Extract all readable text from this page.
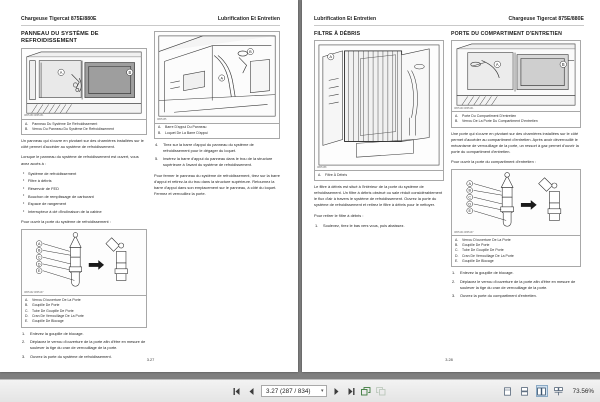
Chargeuse Tigercat 875E/880E	Lubrification Et Entretien
PANNEAU DU SYSTÈME DE REFROIDISSEMENT
A	B
0865150 0865151
A.	Panneau Du Système De Refroidissement
B.	Verrou Du Panneau Du Système De Refroidissement

Un panneau qui s'ouvre en pivotant sur des charnières installées sur le côté permet d'accéder au système de refroidissement.

Lorsque le panneau du système de refroidissement est ouvert, vous avez accès à :

• Système de refroidissement
• Filtre à débris
• Réservoir de FED
• Bouchon de remplissage de carburant
• Espace de rangement
• Interrupteur à clé d'inclinaison de la cabine

Pour ouvrir la porte du système de refroidissement :

A
B
C
D
E
0865162 0865167
A.	Verrou D'ouverture De La Porte
B.	Goupille De Porte
C.	Tube De Goupille De Porte
D.	Cran De Verrouillage De La Porte
E.	Goupille De Blocage
1.	Enlevez la goupille de blocage.
2.	Déplacez le verrou d'ouverture de la porte afin d'être en mesure de soulever la tige du cran de verrouillage de la porte.
3.	Ouvrez la porte du système de refroidissement.
A
B
0865155
A.	Barre D'appui Du Panneau
B.	Loquet De La Barre D'appui
4.	Tirez sur la barre d'appui du panneau du système de refroidissement pour le dégager du loquet.
5.	Insérez la barre d'appui du panneau dans le trou de la structure supérieure à l'avant du système de refroidissement.

Pour fermer le panneau du système de refroidissement, tirez sur la barre d'appui et retirez-la du trou dans la structure supérieure. Retournez la barre d'appui dans son emplacement sur le panneau, à côté du loquet. Fermez et verrouillez la porte.

3.27
Lubrification Et Entretien	Chargeuse Tigercat 875E/880E
FILTRE À DÉBRIS
A
0865158
A.	Filtre À Débris

Le filtre à débris est situé à l'intérieur de la porte du système de refroidissement. Un filtre à débris obstrué ou sale réduit considérablement le flux d'air à travers le système de refroidissement. Ouvrez la porte du système de refroidissement et retirez le filtre à débris pour le nettoyer.

Pour retirer le filtre à débris :

1.	Soulevez, tirez le bas vers vous, puis abaissez.
PORTE DU COMPARTIMENT D'ENTRETIEN
A	B
0865160 0865161
A.	Porte Du Compartiment D'entretien
B.	Verrou De La Porte Du Compartiment D'entretien

Une porte qui s'ouvre en pivotant sur des charnières installées sur le côté permet d'accéder au compartiment d'entretien. Après avoir déverrouillé le mécanisme de verrouillage de la porte, un ressort à gaz permet d'ouvrir la porte du compartiment d'entretien.

Pour ouvrir la porte du compartiment d'entretien :

A
B
C
D
E
0865164 0865167
A.	Verrou D'ouverture De La Porte
B.	Goupille De Porte
C.	Tube De Goupille De Porte
D.	Cran De Verrouillage De La Porte
E.	Goupille De Blocage
1.	Enlevez la goupille de blocage.
2.	Déplacez le verrou d'ouverture de la porte afin d'être en mesure de soulever la tige du cran de verrouillage de la porte.
3.	Ouvrez la porte du compartiment d'entretien.
3.28
3.27 (287 / 834)
▾	73.56%
